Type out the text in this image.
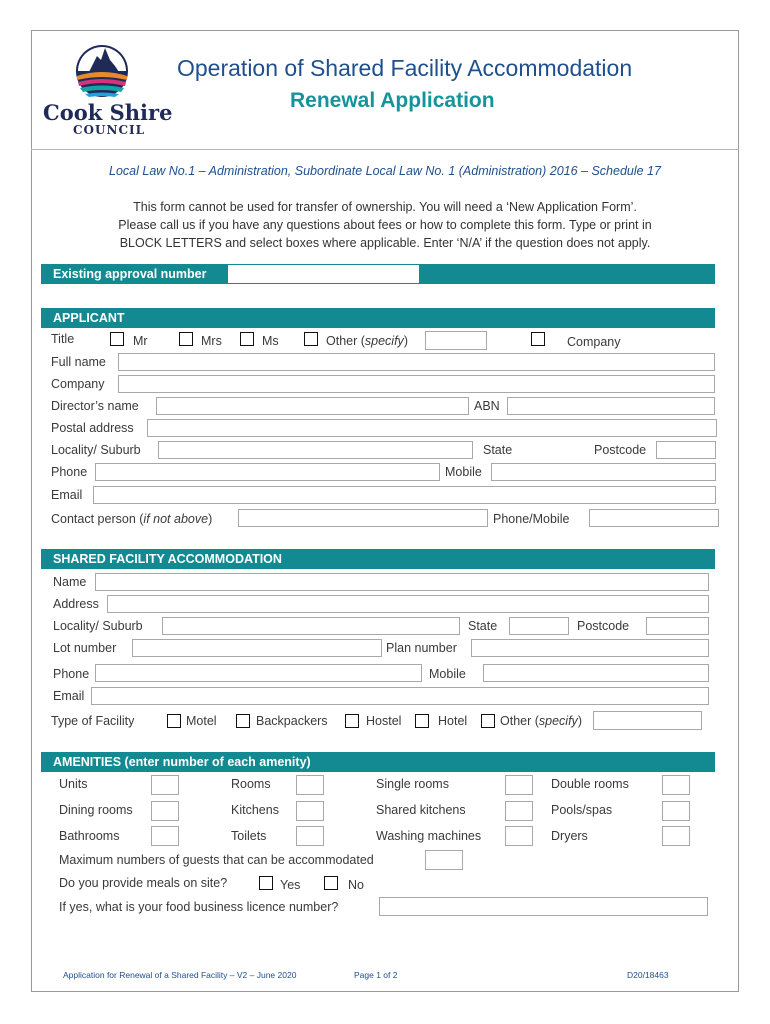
Cook Shire
COUNCIL
Operation of Shared Facility Accommodation
Renewal Application
Local Law No.1 – Administration, Subordinate Local Law No. 1 (Administration) 2016 – Schedule 17
This form cannot be used for transfer of ownership. You will need a ‘New Application Form’.
Please call us if you have any questions about fees or how to complete this form. Type or print in
BLOCK LETTERS and select boxes where applicable. Enter ‘N/A’ if the question does not apply.
Existing approval number
APPLICANT
Title	Mr	Mrs	Ms	Other (specify)	Company
Full name
Company
Director’s name	ABN
Postal address
Locality/ Suburb	State	Postcode
Phone	Mobile
Email
Contact person (if not above)	Phone/Mobile
SHARED FACILITY ACCOMMODATION
Name
Address
Locality/ Suburb	State	Postcode
Lot number	Plan number
Phone	Mobile
Email
Type of Facility	Motel	Backpackers	Hostel	Hotel	Other (specify)
AMENITIES (enter number of each amenity)
Units	Rooms	Single rooms	Double rooms
Dining rooms	Kitchens	Shared kitchens	Pools/spas
Bathrooms	Toilets	Washing machines	Dryers
Maximum numbers of guests that can be accommodated
Do you provide meals on site?	Yes	No
If yes, what is your food business licence number?
Application for Renewal of a Shared Facility – V2 – June 2020	Page 1 of 2	D20/18463
